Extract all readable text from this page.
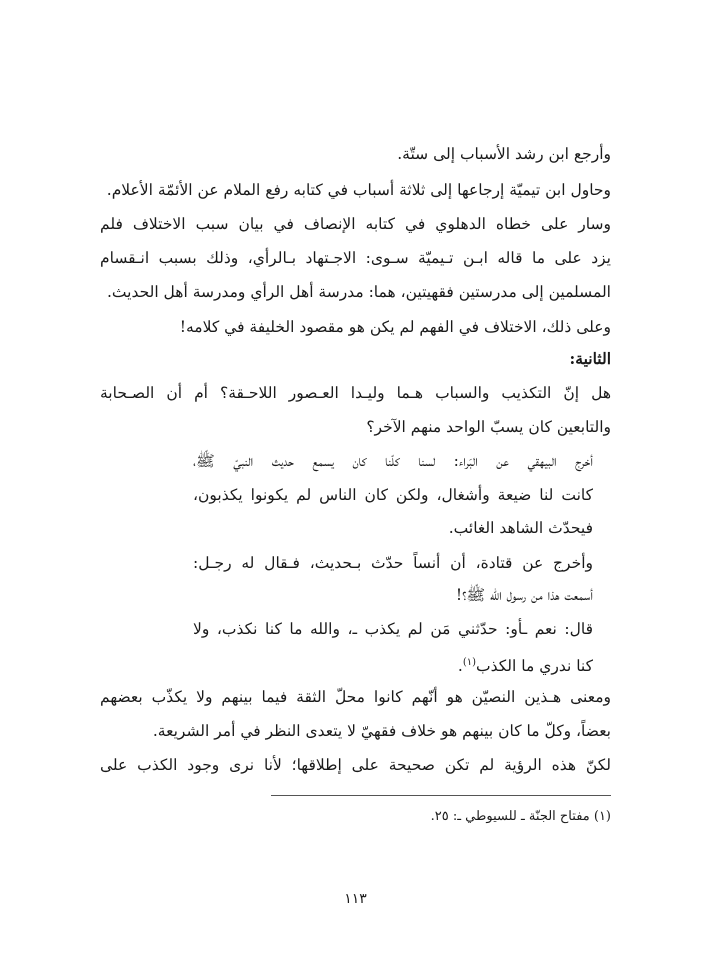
وأرجع ابن رشد الأسباب إلى ستّة.
وحاول ابن تيميّة إرجاعها إلى ثلاثة أسباب في كتابه رفع الملام عن الأئمّة الأعلام.
وسار على خطاه الدهلوي في كتابه الإنصاف في بيان سبب الاختلاف فلم
يزد على ما قاله ابـن تـيميّة سـوى: الاجـتهاد بـالرأي، وذلك بسبب انـقسام
المسلمين إلى مدرستين فقهيتين، هما: مدرسة أهل الرأي ومدرسة أهل الحديث.
وعلى ذلك، الاختلاف في الفهم لم يكن هو مقصود الخليفة في كلامه!
الثانية:
هل إنّ التكذيب والسباب هـما وليـدا العـصور اللاحـقة؟ أم أن الصـحابة
والتابعين كان يسبّ الواحد منهم الآخر؟
أخرج البيهقي عن البَراء: لسنا كلّنا كان يسمع حديث النبيّ ﷺ،
كانت لنا ضيعة وأشغال، ولكن كان الناس لم يكونوا يكذبون،
فيحدّث الشاهد الغائب.
وأخرج عن قتادة، أن أنساً حدّث بـحديث، فـقال له رجـل:
أسمعت هذا من رسول الله ﷺ؟!
قال: نعم ـأو: حدّثني مَن لم يكذب ـ، والله ما كنا نكذب، ولا
كنا ندري ما الكذب$^{(١)}$.
ومعنى هـذين النصيّن هو أنّهم كانوا محلّ الثقة فيما بينهم ولا يكذّب بعضهم
بعضاً، وكلّ ما كان بينهم هو خلاف فقهيّ لا يتعدى النظر في أمر الشريعة.
لكنّ هذه الرؤية لم تكن صحيحة على إطلاقها؛ لأنا نرى وجود الكذب على
(١) مفتاح الجنّة ـ للسيوطي ـ: ٢٥.
١١٣
